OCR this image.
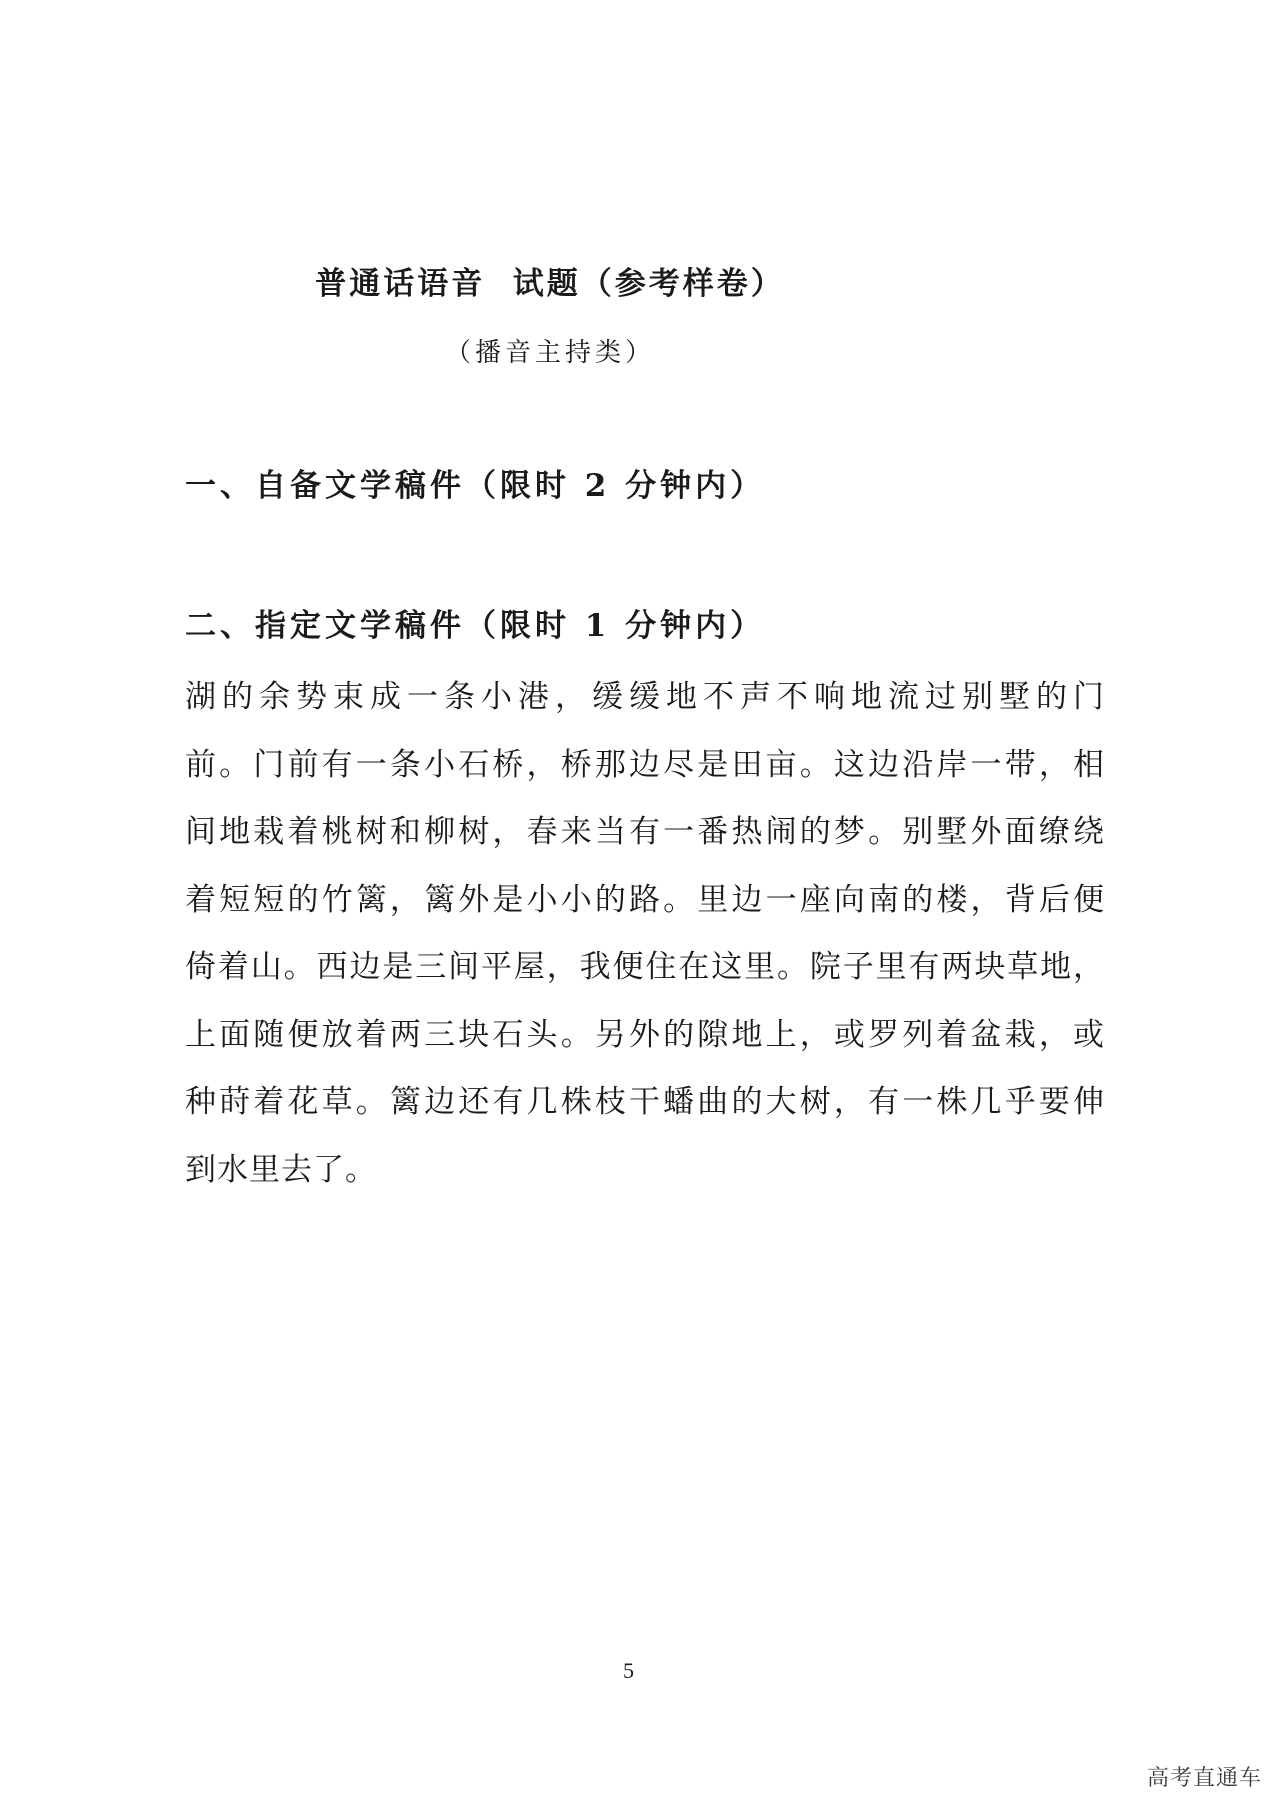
普通话语音  试题（参考样卷）
（播音主持类）
一、自备文学稿件（限时 2 分钟内）
二、指定文学稿件（限时 1 分钟内）
湖的余势束成一条小港，缓缓地不声不响地流过别墅的门
前。门前有一条小石桥，桥那边尽是田亩。这边沿岸一带，相
间地栽着桃树和柳树，春来当有一番热闹的梦。别墅外面缭绕
着短短的竹篱，篱外是小小的路。里边一座向南的楼，背后便
倚着山。西边是三间平屋，我便住在这里。院子里有两块草地，
上面随便放着两三块石头。另外的隙地上，或罗列着盆栽，或
种莳着花草。篱边还有几株枝干蟠曲的大树，有一株几乎要伸
到水里去了。
5
高考直通车
